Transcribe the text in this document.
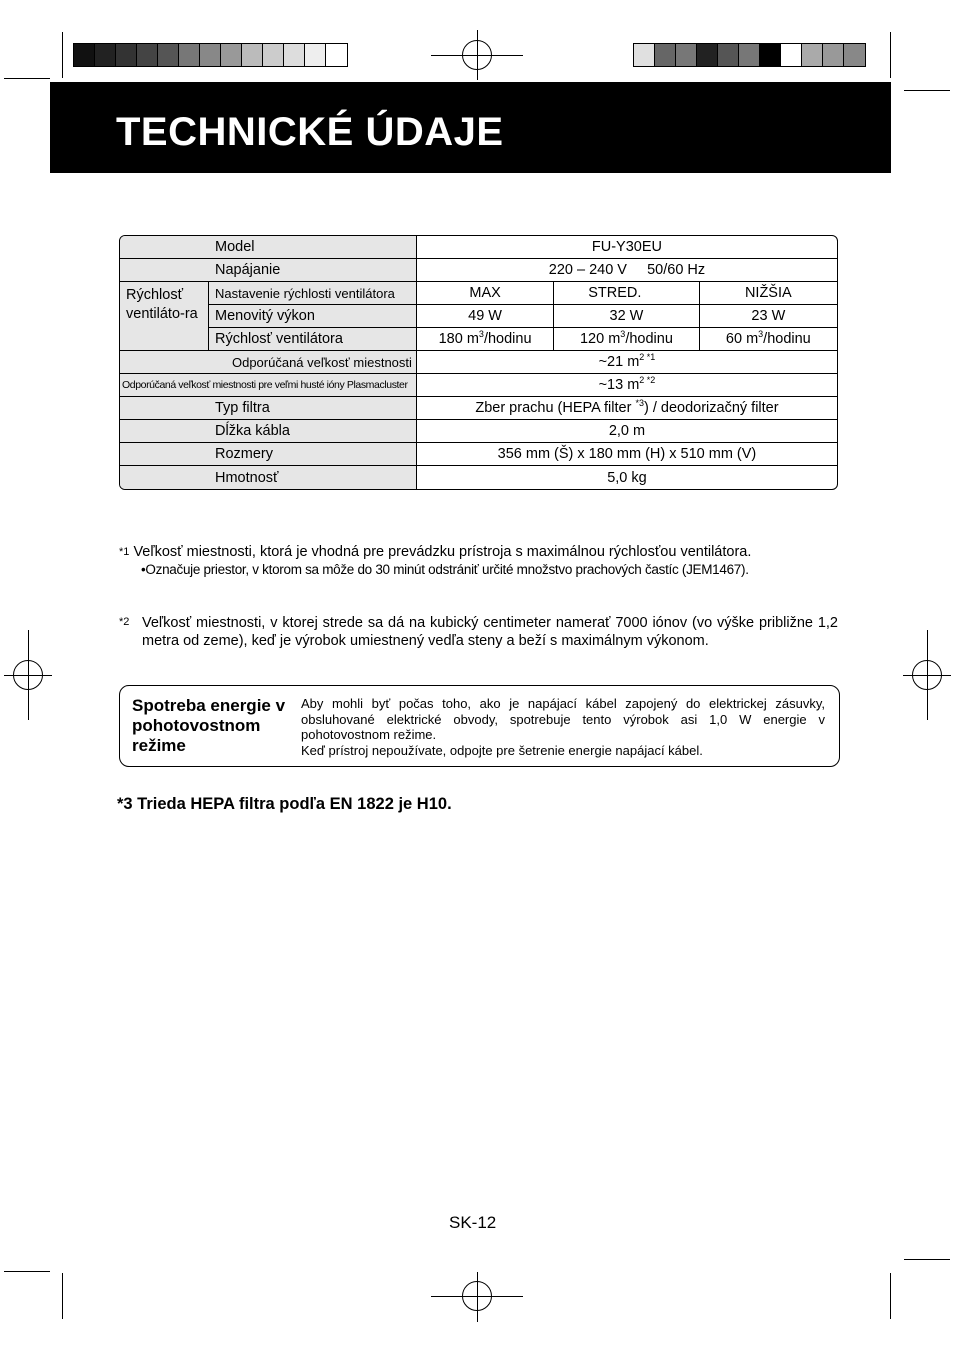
TECHNICKÉ ÚDAJE
Model		FU-Y30EU		
Napájanie		220 – 240 V     50/60 Hz		
Rýchlosť ventiláto-ra	Nastavenie rýchlosti ventilátora	MAX	STRED.	NIŽŠIA
	Menovitý výkon	49 W	32 W	23 W
	Rýchlosť ventilátora	180 $m^3$/hodinu	120 $m^3$/hodinu	60 $m^3$/hodinu
Odporúčaná veľkosť miestnosti		~21 $m^{2 *1}$
Odporúčaná veľkosť miestnosti pre veľmi husté ióny Plasmacluster		~13 $m^{2 *2}$
Typ filtra		Zber prachu (HEPA filter $^{*3}$) / deodorizačný filter		
Dĺžka kábla		2,0 m		
Rozmery		356 mm (Š) x 180 mm (H) x 510 mm (V)		
Hmotnosť		5,0 kg		
$^{*1}$ Veľkosť miestnosti, ktorá je vhodná pre prevádzku prístroja s maximálnou rýchlosťou ventilátora.
•Označuje priestor, v ktorom sa môže do 30 minút odstrániť určité množstvo prachových častíc (JEM1467).
$^{*2}$ Veľkosť miestnosti, v ktorej strede sa dá na kubický centimeter namerať 7000 iónov (vo výške približne 1,2 metra od zeme), keď je výrobok umiestnený vedľa steny a beží s maximálnym výkonom.
Spotreba energie v pohotovostnom režime
Aby mohli byť počas toho, ako je napájací kábel zapojený do elektrickej zásuvky, obsluhované elektrické obvody, spotrebuje tento výrobok asi 1,0 W energie v pohotovostnom režime.
Keď prístroj nepoužívate, odpojte pre šetrenie energie napájací kábel.
*3 Trieda HEPA filtra podľa EN 1822 je H10.
SK-12
